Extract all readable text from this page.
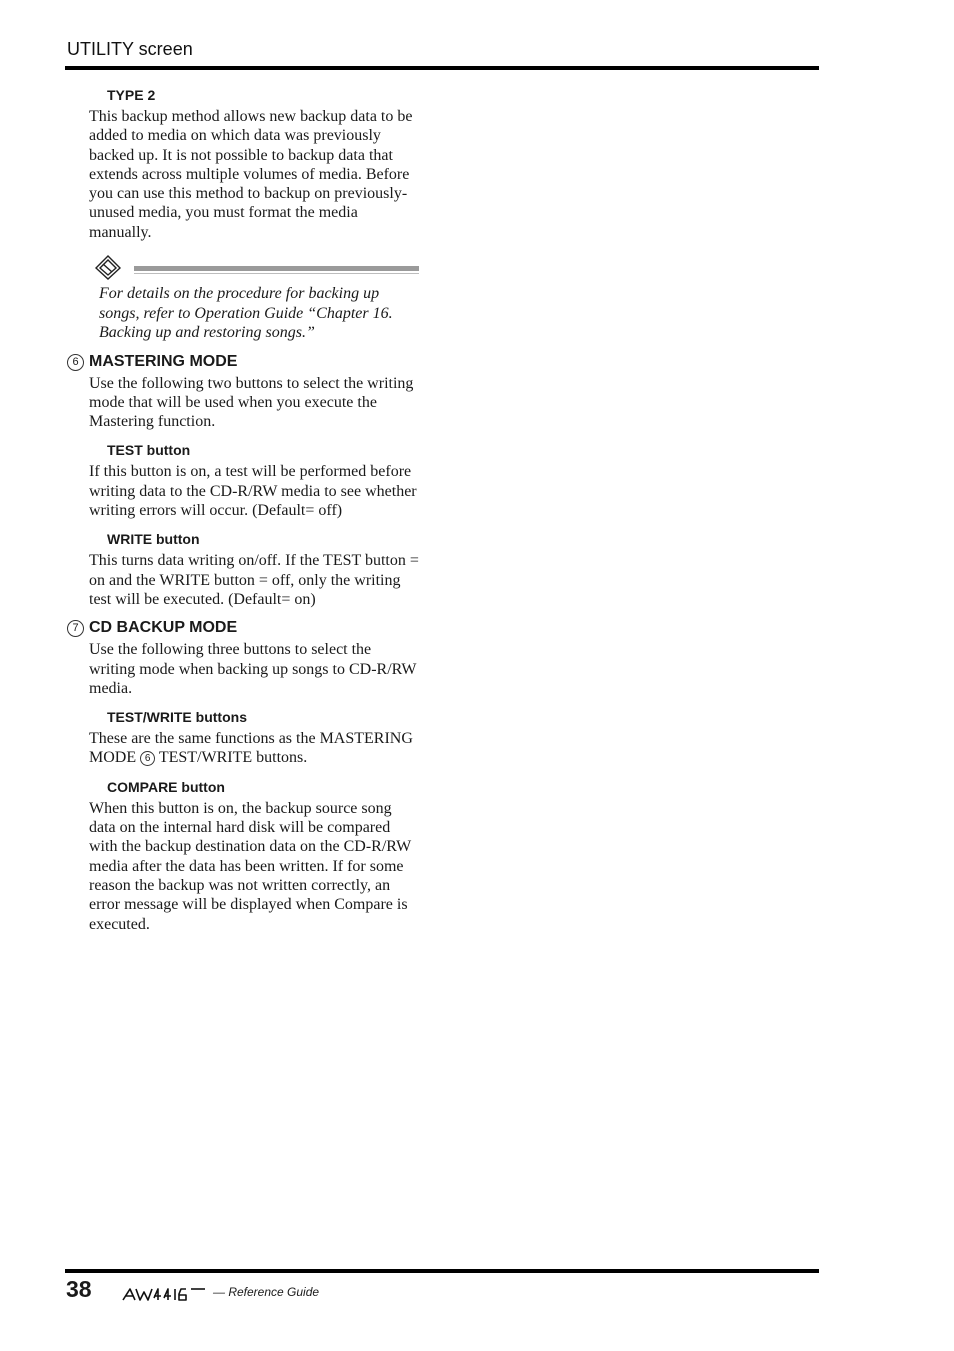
UTILITY screen
TYPE 2

This backup method allows new backup data to be added to media on which data was previously backed up. It is not possible to backup data that extends across multiple volumes of media. Before you can use this method to backup on previously-unused media, you must format the media manually.

For details on the procedure for backing up songs, refer to Operation Guide “Chapter 16. Backing up and restoring songs.”

6 MASTERING MODE

Use the following two buttons to select the writing mode that will be used when you execute the Mastering function.

TEST button

If this button is on, a test will be performed before writing data to the CD-R/RW media to see whether writing errors will occur. (Default= off)

WRITE button

This turns data writing on/off. If the TEST button = on and the WRITE button = off, only the writing test will be executed. (Default= on)

7 CD BACKUP MODE

Use the following three buttons to select the writing mode when backing up songs to CD-R/RW media.

TEST/WRITE buttons

These are the same functions as the MASTERING MODE 6 TEST/WRITE buttons.

COMPARE button

When this button is on, the backup source song data on the internal hard disk will be compared with the backup destination data on the CD-R/RW media after the data has been written. If for some reason the backup was not written correctly, an error message will be displayed when Compare is executed.

38	— Reference Guide
